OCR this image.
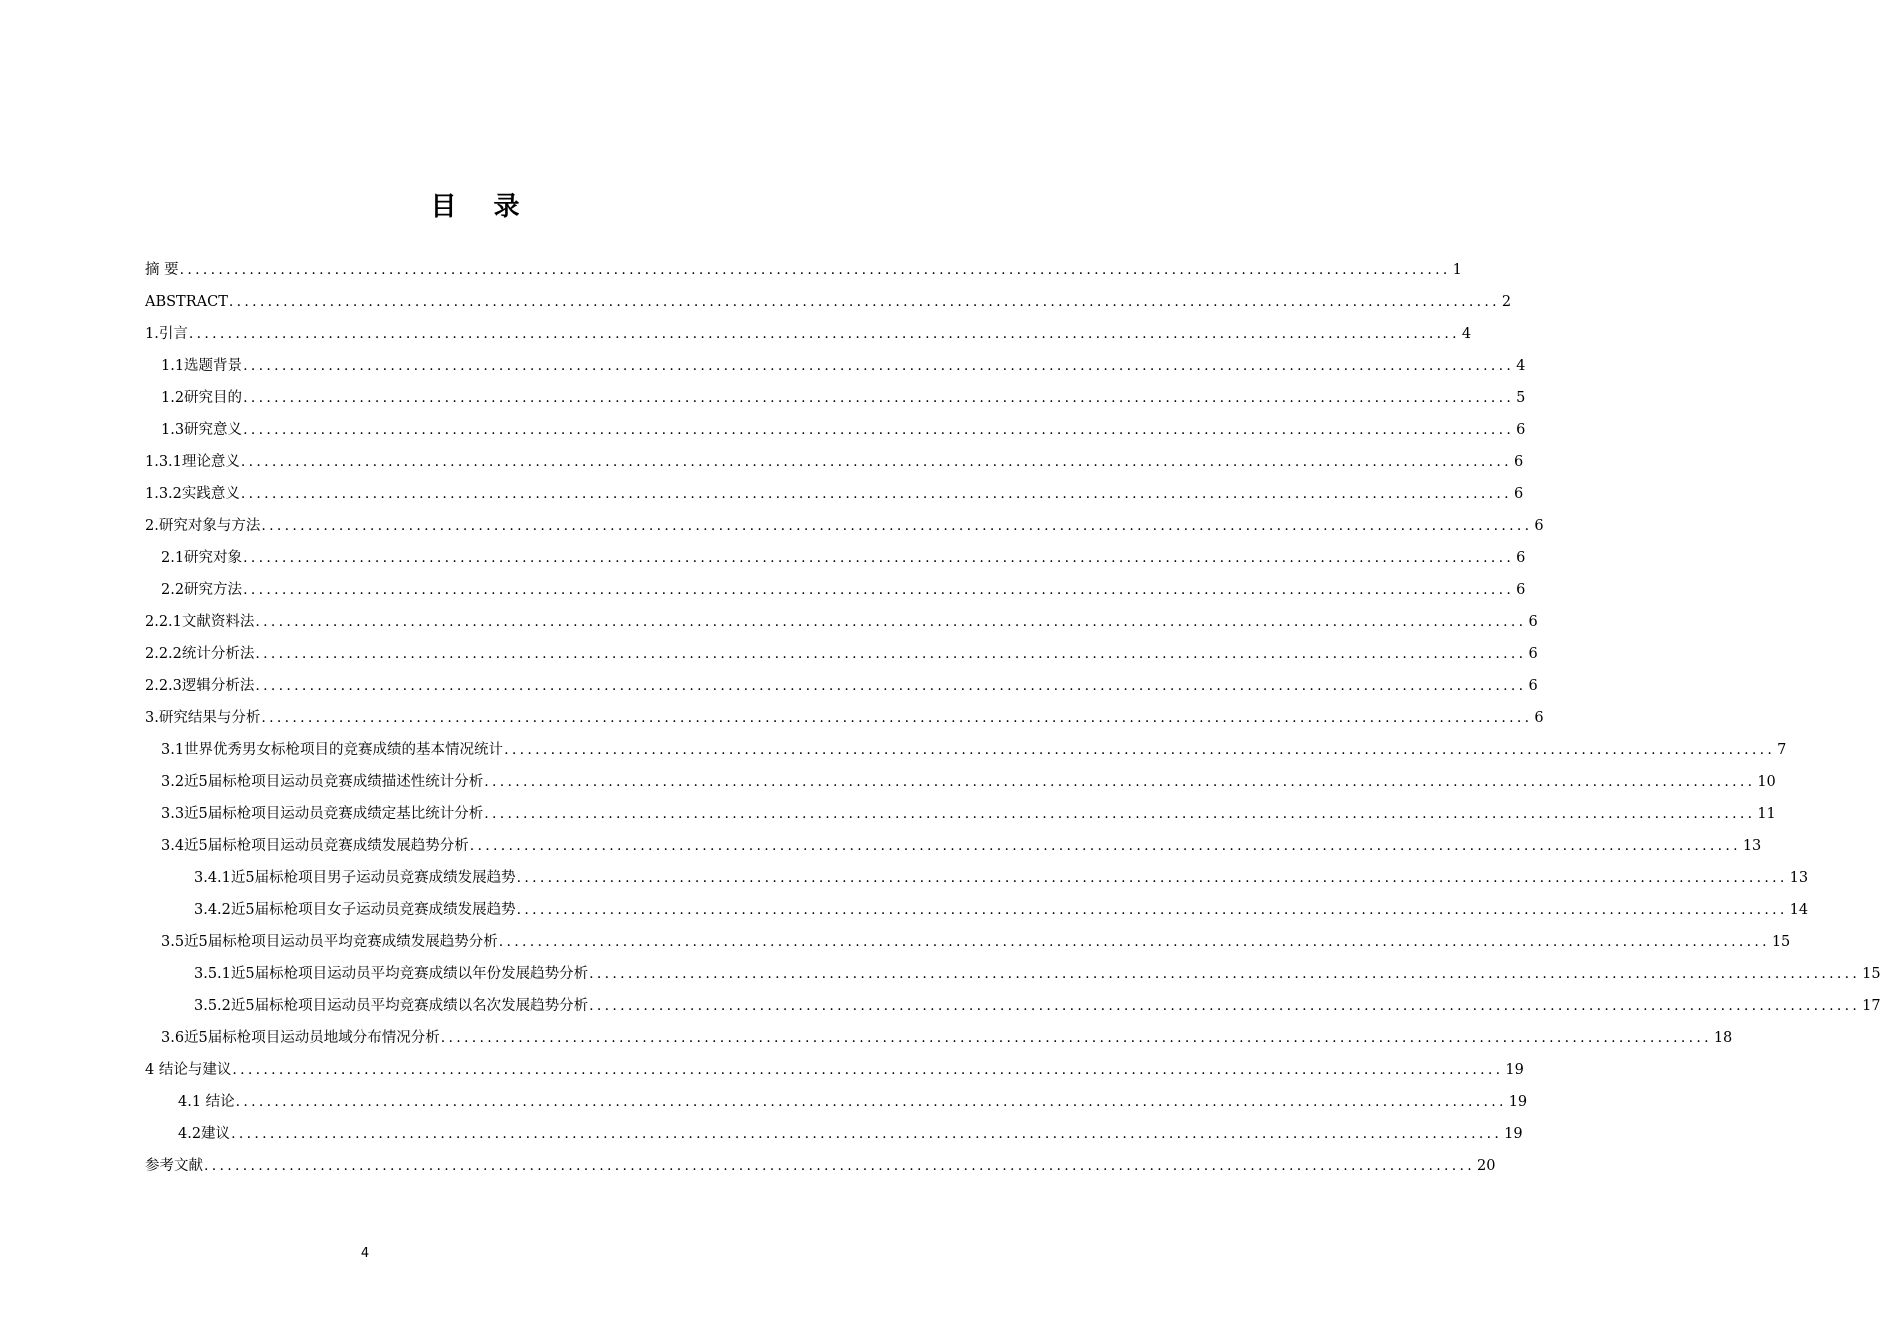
目 录
摘 要 .................................................................................................................................................................... 1
ABSTRACT .................................................................................................................................................................... 2
1.引言 .................................................................................................................................................................... 4
1.1选题背景 .................................................................................................................................................................... 4
1.2研究目的 .................................................................................................................................................................... 5
1.3研究意义 .................................................................................................................................................................... 6
1.3.1理论意义 .................................................................................................................................................................... 6
1.3.2实践意义 .................................................................................................................................................................... 6
2.研究对象与方法 .................................................................................................................................................................... 6
2.1研究对象 .................................................................................................................................................................... 6
2.2研究方法 .................................................................................................................................................................... 6
2.2.1文献资料法 .................................................................................................................................................................... 6
2.2.2统计分析法 .................................................................................................................................................................... 6
2.2.3逻辑分析法 .................................................................................................................................................................... 6
3.研究结果与分析 .................................................................................................................................................................... 6
3.1世界优秀男女标枪项目的竞赛成绩的基本情况统计 .................................................................................................................................................................... 7
3.2近5届标枪项目运动员竞赛成绩描述性统计分析 .................................................................................................................................................................... 10
3.3近5届标枪项目运动员竞赛成绩定基比统计分析 .................................................................................................................................................................... 11
3.4近5届标枪项目运动员竞赛成绩发展趋势分析 .................................................................................................................................................................... 13
3.4.1近5届标枪项目男子运动员竞赛成绩发展趋势 .................................................................................................................................................................... 13
3.4.2近5届标枪项目女子运动员竞赛成绩发展趋势 .................................................................................................................................................................... 14
3.5近5届标枪项目运动员平均竞赛成绩发展趋势分析 .................................................................................................................................................................... 15
3.5.1近5届标枪项目运动员平均竞赛成绩以年份发展趋势分析 .................................................................................................................................................................... 15
3.5.2近5届标枪项目运动员平均竞赛成绩以名次发展趋势分析 .................................................................................................................................................................... 17
3.6近5届标枪项目运动员地域分布情况分析 .................................................................................................................................................................... 18
4 结论与建议 .................................................................................................................................................................... 19
4.1 结论 .................................................................................................................................................................... 19
4.2建议 .................................................................................................................................................................... 19
参考文献 .................................................................................................................................................................... 20
4
